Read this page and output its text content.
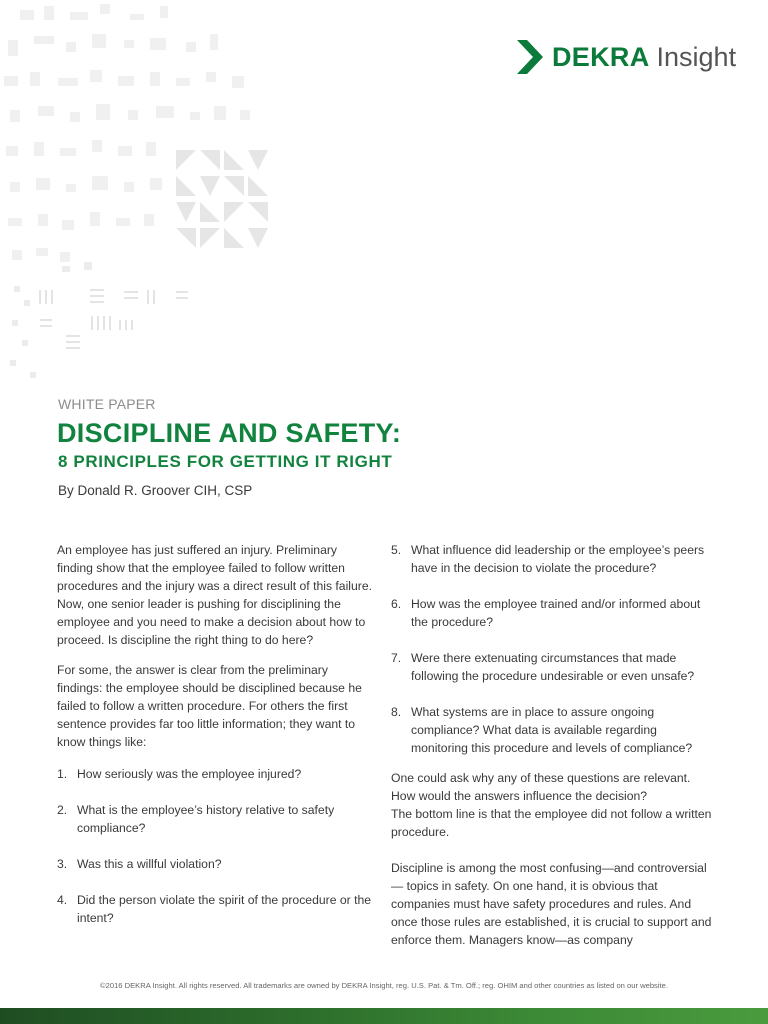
DEKRA Insight
WHITE PAPER
DISCIPLINE AND SAFETY:
8 PRINCIPLES FOR GETTING IT RIGHT
By Donald R. Groover CIH, CSP

An employee has just suffered an injury. Preliminary finding show that the employee failed to follow written procedures and the injury was a direct result of this failure. Now, one senior leader is pushing for disciplining the employee and you need to make a decision about how to proceed. Is discipline the right thing to do here?

For some, the answer is clear from the preliminary findings: the employee should be disciplined because he failed to follow a written procedure. For others the first sentence provides far too little information; they want to know things like:

1. How seriously was the employee injured?
2. What is the employee’s history relative to safety compliance?
3. Was this a willful violation?
4. Did the person violate the spirit of the procedure or the intent?
5. What influence did leadership or the employee’s peers have in the decision to violate the procedure?
6. How was the employee trained and/or informed about the procedure?
7. Were there extenuating circumstances that made following the procedure undesirable or even unsafe?
8. What systems are in place to assure ongoing compliance? What data is available regarding monitoring this procedure and levels of compliance?

One could ask why any of these questions are relevant. How would the answers influence the decision?
The bottom line is that the employee did not follow a written procedure.

Discipline is among the most confusing—and controversial— topics in safety. On one hand, it is obvious that companies must have safety procedures and rules. And once those rules are established, it is crucial to support and enforce them. Managers know—as company

©2016 DEKRA Insight. All rights reserved. All trademarks are owned by DEKRA Insight, reg. U.S. Pat. & Tm. Off.; reg. OHIM and other countries as listed on our website.
